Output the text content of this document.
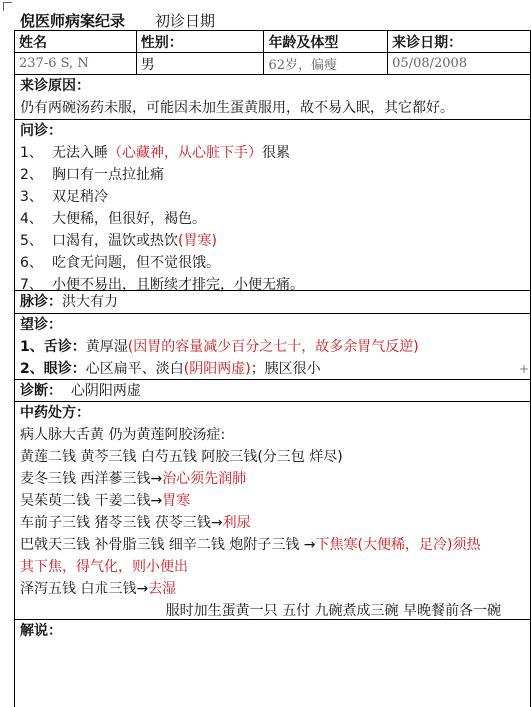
倪医师病案纪录 初诊日期
姓名	性别：	年龄及体型	来诊日期：
237-6 S, N	男	62岁，偏瘦	05/08/2008
来诊原因：
仍有两碗汤药未服，可能因未加生蛋黄服用，故不易入眠，其它都好。
问诊：
1、 无法入睡（心藏神，从心脏下手）很累
2、 胸口有一点拉扯痛
3、 双足稍冷
4、 大便稀，但很好，褐色。
5、 口渴有，温饮或热饮(胃寒)
6、 吃食无问题，但不觉很饿。
7、 小便不易出，且断续才排完，小便无痛。
脉诊：洪大有力
望诊：
1、舌诊：黄厚湿(因胃的容量减少百分之七十，故多余胃气反逆)
2、眼诊：心区扁平、淡白(阴阳两虚)；胰区很小
诊断： 心阴阳两虚
中药处方：
病人脉大舌黄 仍为黄莲阿胶汤症:
黄莲二钱 黄芩三钱 白芍五钱 阿胶三钱(分三包 烊尽)
麦冬三钱 西洋蔘三钱→治心须先润肺
吴茱萸二钱 干姜二钱→胃寒
车前子三钱 猪苓三钱 茯苓三钱→利尿
巴戟天三钱 补骨脂三钱 细辛二钱 炮附子三钱 →下焦寒(大便稀，足冷)须热
其下焦，得气化，则小便出
泽泻五钱 白朮三钱→去湿
服时加生蛋黄一只 五付 九碗煮成三碗 早晚餐前各一碗
解说：
+
